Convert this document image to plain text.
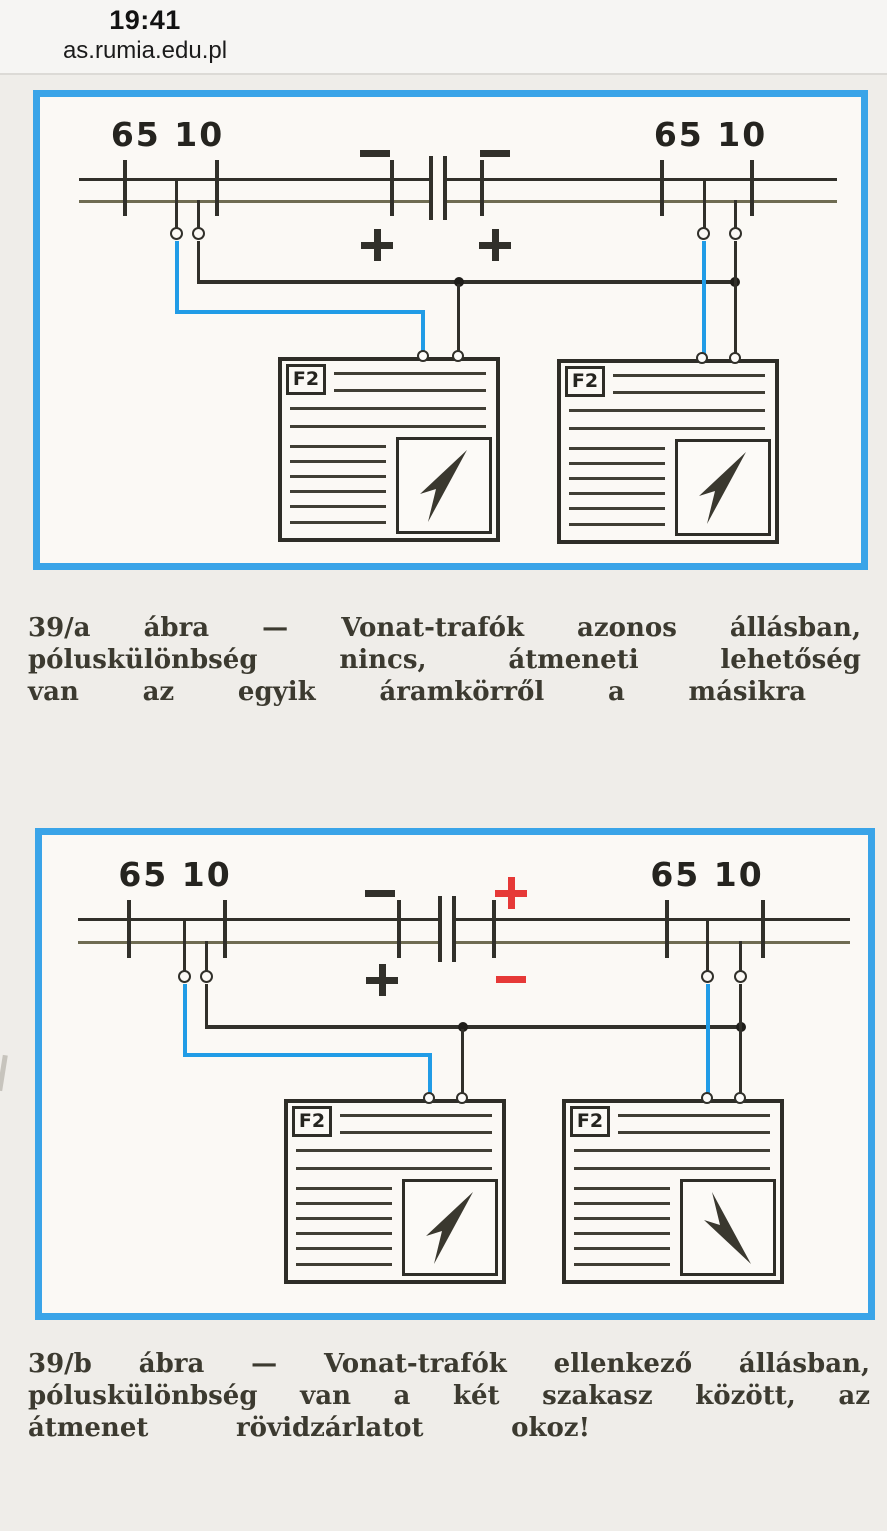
19:41
as.rumia.edu.pl
65 10	65 10
F2	F2
39/a ábra — Vonat-trafók azonos állásban,
póluskülönbség nincs, átmeneti lehetőség
van az egyik áramkörről a másikra
65 10	65 10
F2	F2
39/b ábra — Vonat-trafók ellenkező állásban,
póluskülönbség van a két szakasz között, az
átmenet rövidzárlatot okoz!
